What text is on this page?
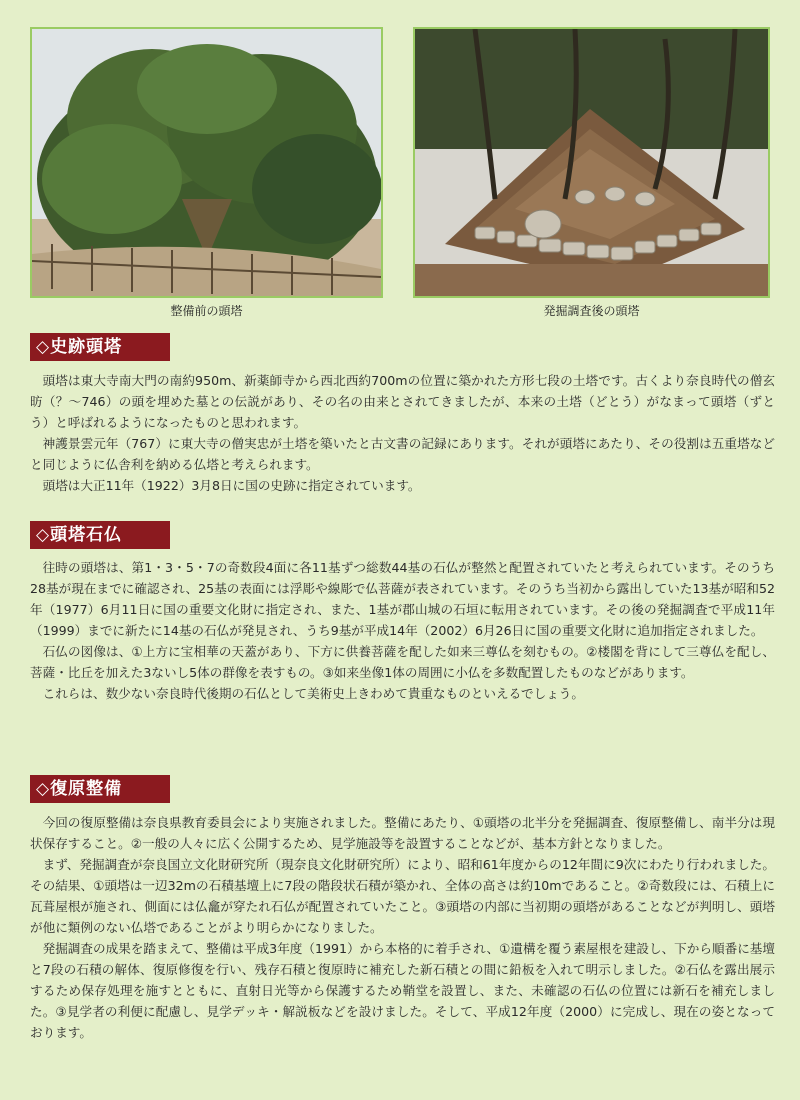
整備前の頭塔	発掘調査後の頭塔
◇史跡頭塔

頭塔は東大寺南大門の南約950m、新薬師寺から西北西約700mの位置に築かれた方形七段の土塔です。古くより奈良時代の僧玄昉（？～746）の頭を埋めた墓との伝説があり、その名の由来とされてきましたが、本来の土塔（どとう）がなまって頭塔（ずとう）と呼ばれるようになったものと思われます。

神護景雲元年（767）に東大寺の僧実忠が土塔を築いたと古文書の記録にあります。それが頭塔にあたり、その役割は五重塔などと同じように仏舎利を納める仏塔と考えられます。

頭塔は大正11年（1922）3月8日に国の史跡に指定されています。

◇頭塔石仏

往時の頭塔は、第1・3・5・7の奇数段4面に各11基ずつ総数44基の石仏が整然と配置されていたと考えられています。そのうち28基が現在までに確認され、25基の表面には浮彫や線彫で仏菩薩が表されています。そのうち当初から露出していた13基が昭和52年（1977）6月11日に国の重要文化財に指定され、また、1基が郡山城の石垣に転用されています。その後の発掘調査で平成11年（1999）までに新たに14基の石仏が発見され、うち9基が平成14年（2002）6月26日に国の重要文化財に追加指定されました。

石仏の図像は、①上方に宝相華の天蓋があり、下方に供養菩薩を配した如来三尊仏を刻むもの。②楼閣を背にして三尊仏を配し、菩薩・比丘を加えた3ないし5体の群像を表すもの。③如来坐像1体の周囲に小仏を多数配置したものなどがあります。

これらは、数少ない奈良時代後期の石仏として美術史上きわめて貴重なものといえるでしょう。

◇復原整備

今回の復原整備は奈良県教育委員会により実施されました。整備にあたり、①頭塔の北半分を発掘調査、復原整備し、南半分は現状保存すること。②一般の人々に広く公開するため、見学施設等を設置することなどが、基本方針となりました。

まず、発掘調査が奈良国立文化財研究所（現奈良文化財研究所）により、昭和61年度からの12年間に9次にわたり行われました。その結果、①頭塔は一辺32mの石積基壇上に7段の階段状石積が築かれ、全体の高さは約10mであること。②奇数段には、石積上に瓦葺屋根が施され、側面には仏龕が穿たれ石仏が配置されていたこと。③頭塔の内部に当初期の頭塔があることなどが判明し、頭塔が他に類例のない仏塔であることがより明らかになりました。

発掘調査の成果を踏まえて、整備は平成3年度（1991）から本格的に着手され、①遺構を覆う素屋根を建設し、下から順番に基壇と7段の石積の解体、復原修復を行い、残存石積と復原時に補充した新石積との間に鉛板を入れて明示しました。②石仏を露出展示するため保存処理を施すとともに、直射日光等から保護するため鞘堂を設置し、また、未確認の石仏の位置には新石を補充しました。③見学者の利便に配慮し、見学デッキ・解説板などを設けました。そして、平成12年度（2000）に完成し、現在の姿となっております。
